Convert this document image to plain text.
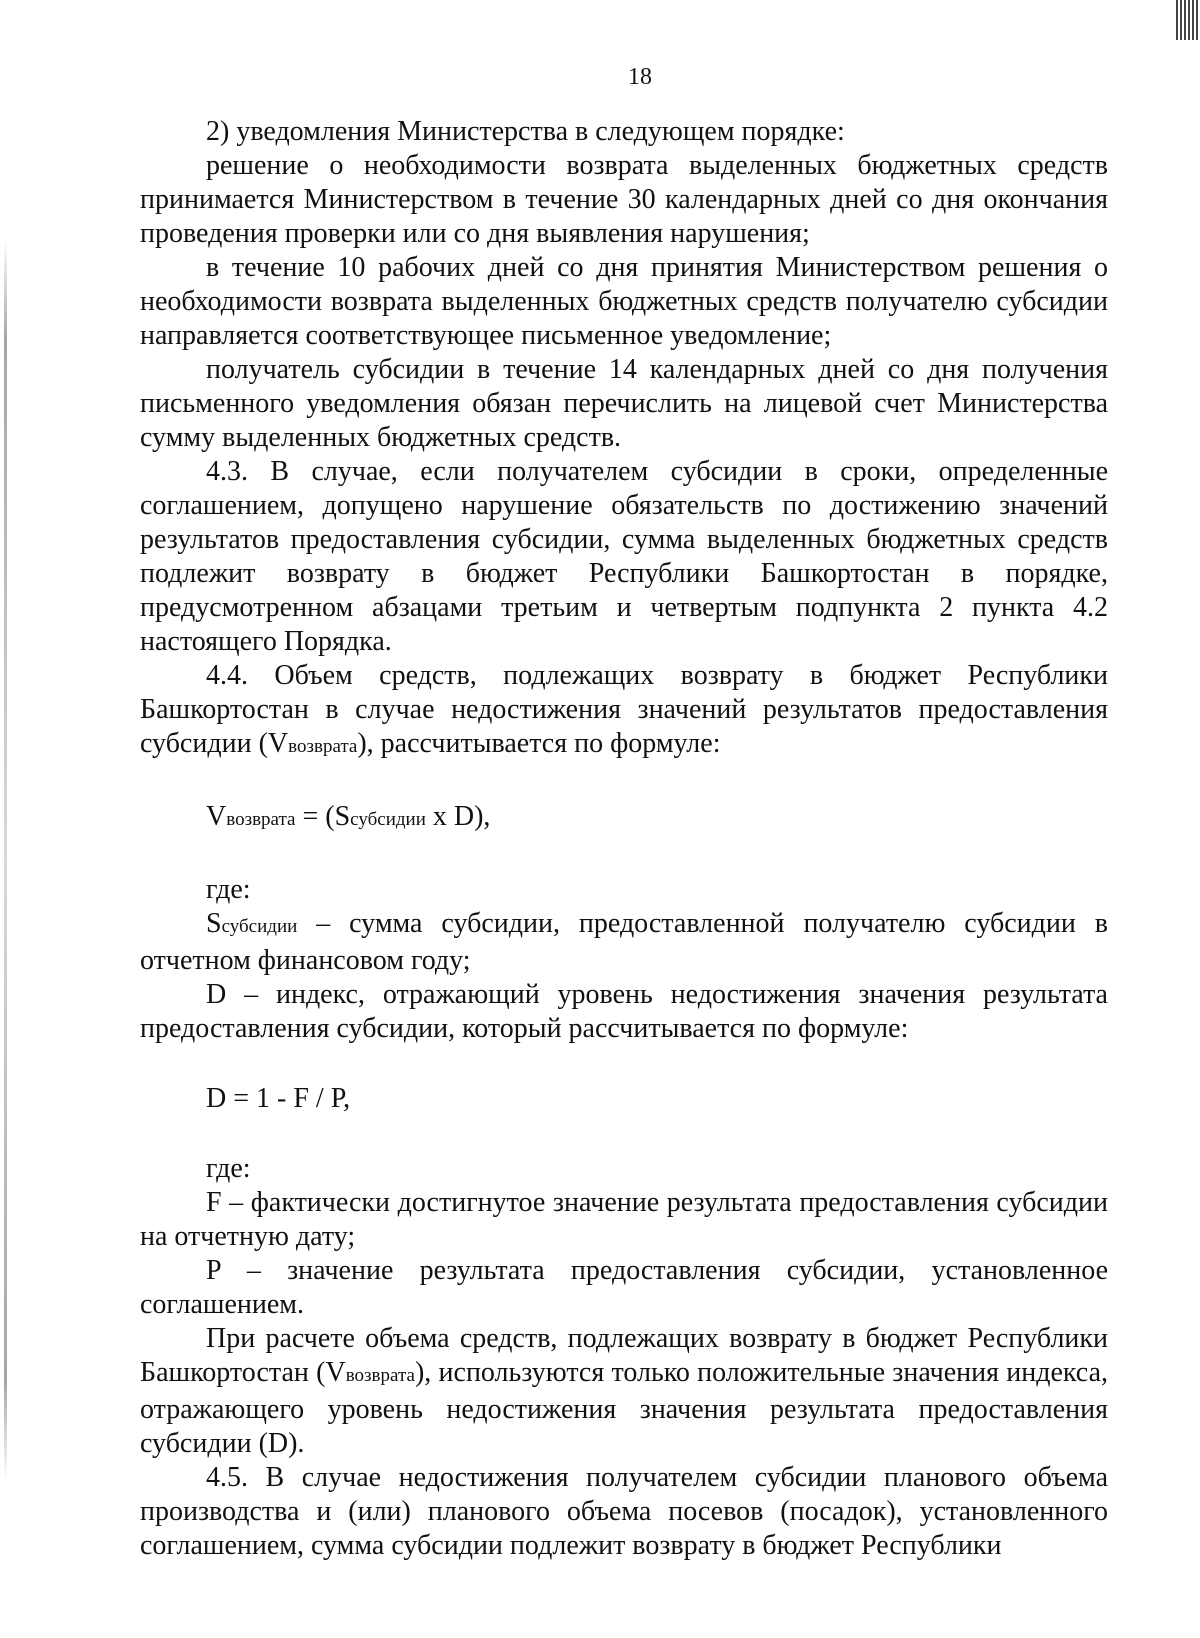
18

2) уведомления Министерства в следующем порядке:

решение о необходимости возврата выделенных бюджетных средств принимается Министерством в течение 30 календарных дней со дня окончания проведения проверки или со дня выявления нарушения;

в течение 10 рабочих дней со дня принятия Министерством решения о необходимости возврата выделенных бюджетных средств получателю субсидии направляется соответствующее письменное уведомление;

получатель субсидии в течение 14 календарных дней со дня получения письменного уведомления обязан перечислить на лицевой счет Министерства сумму выделенных бюджетных средств.

4.3. В случае, если получателем субсидии в сроки, определенные соглашением, допущено нарушение обязательств по достижению значений результатов предоставления субсидии, сумма выделенных бюджетных средств подлежит возврату в бюджет Республики Башкортостан в порядке, предусмотренном абзацами третьим и четвертым подпункта 2 пункта 4.2 настоящего Порядка.

4.4. Объем средств, подлежащих возврату в бюджет Республики Башкортостан в случае недостижения значений результатов предоставления субсидии (Vвозврата), рассчитывается по формуле:

Vвозврата = (Sсубсидии x D),

где:

Sсубсидии – сумма субсидии, предоставленной получателю субсидии в отчетном финансовом году;

D – индекс, отражающий уровень недостижения значения результата предоставления субсидии, который рассчитывается по формуле:

D = 1 - F / P,

где:

F – фактически достигнутое значение результата предоставления субсидии на отчетную дату;

P – значение результата предоставления субсидии, установленное соглашением.

При расчете объема средств, подлежащих возврату в бюджет Республики Башкортостан (Vвозврата), используются только положительные значения индекса, отражающего уровень недостижения значения результата предоставления субсидии (D).

4.5. В случае недостижения получателем субсидии планового объема производства и (или) планового объема посевов (посадок), установленного соглашением, сумма субсидии подлежит возврату в бюджет Республики
